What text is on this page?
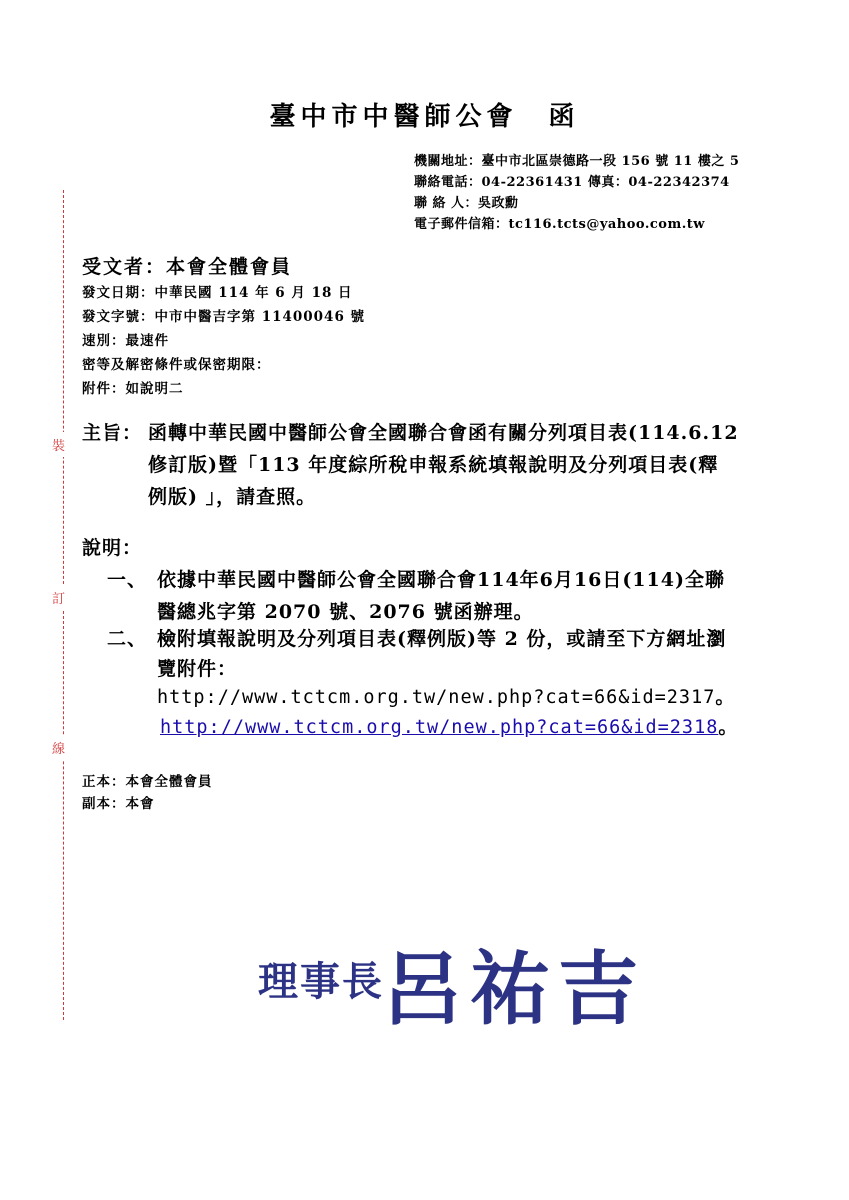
裝
訂
線
臺中市中醫師公會　函
機關地址：臺中市北區崇德路一段 156 號 11 樓之 5
聯絡電話：04-22361431 傳真：04-22342374
聯 絡 人：吳政勳
電子郵件信箱：tc116.tcts@yahoo.com.tw
受文者：本會全體會員
發文日期：中華民國 114 年 6 月 18 日
發文字號：中市中醫吉字第 11400046 號
速別：最速件
密等及解密條件或保密期限：
附件：如說明二
主旨： 函轉中華民國中醫師公會全國聯合會函有關分列項目表(114.6.12
修訂版)暨「113 年度綜所稅申報系統填報說明及分列項目表(釋
例版) 」，請查照。
說明：
一、 依據中華民國中醫師公會全國聯合會114年6月16日(114)全聯
醫總兆字第 2070 號、2076 號函辦理。
二、 檢附填報說明及分列項目表(釋例版)等 2 份，或請至下方網址瀏
覽附件：
http://www.tctcm.org.tw/new.php?cat=66&id=2317。
http://www.tctcm.org.tw/new.php?cat=66&id=2318。
正本：本會全體會員
副本：本會
理事長
呂祐吉
